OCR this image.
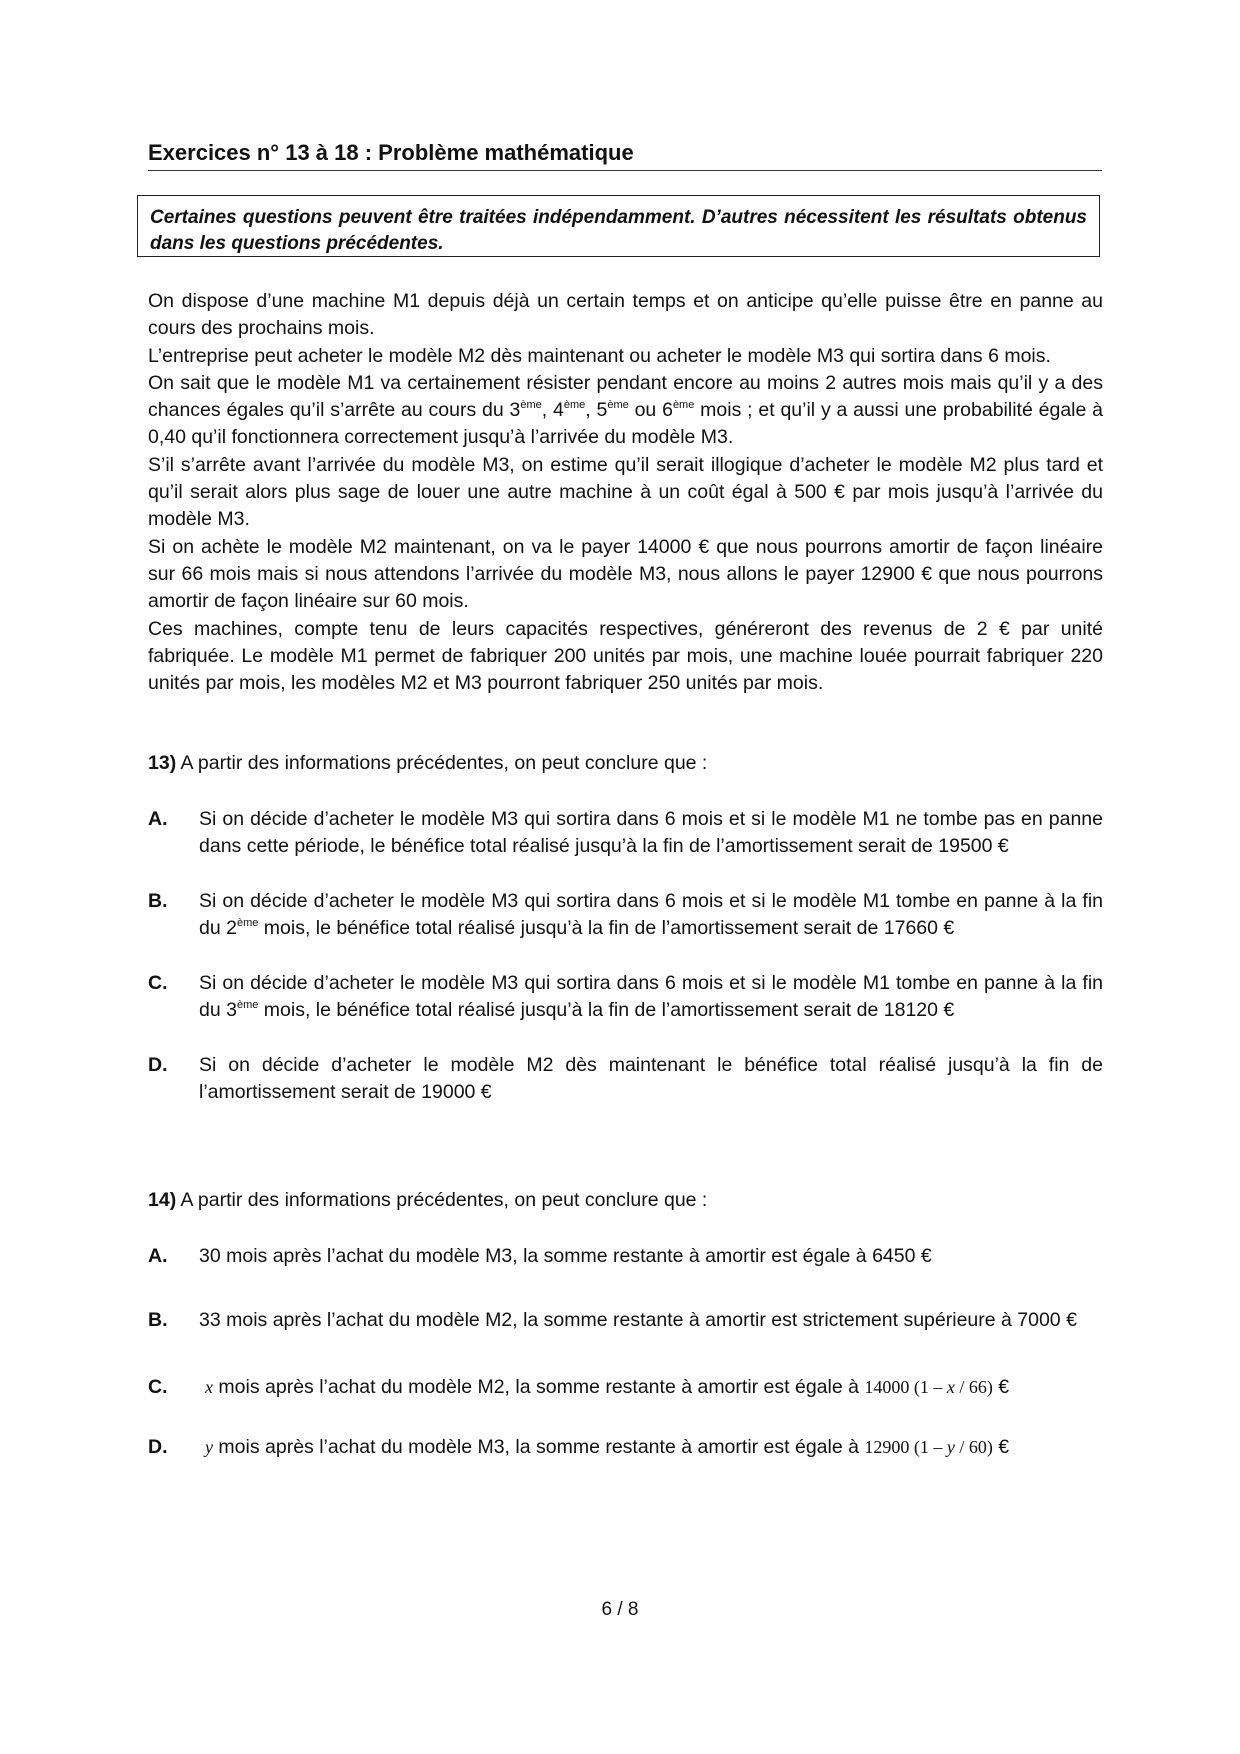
Exercices n° 13 à 18 : Problème mathématique
Certaines questions peuvent être traitées indépendamment. D’autres nécessitent les résultats obtenus dans les questions précédentes.

On dispose d’une machine M1 depuis déjà un certain temps et on anticipe qu’elle puisse être en panne au cours des prochains mois.

L’entreprise peut acheter le modèle M2 dès maintenant ou acheter le modèle M3 qui sortira dans 6 mois.

On sait que le modèle M1 va certainement résister pendant encore au moins 2 autres mois mais qu’il y a des chances égales qu’il s’arrête au cours du 3ème, 4ème, 5ème ou 6ème mois ; et qu’il y a aussi une probabilité égale à 0,40 qu’il fonctionnera correctement jusqu’à l’arrivée du modèle M3.

S’il s’arrête avant l’arrivée du modèle M3, on estime qu’il serait illogique d’acheter le modèle M2 plus tard et qu’il serait alors plus sage de louer une autre machine à un coût égal à 500 € par mois jusqu’à l’arrivée du modèle M3.

Si on achète le modèle M2 maintenant, on va le payer 14000 € que nous pourrons amortir de façon linéaire sur 66 mois mais si nous attendons l’arrivée du modèle M3, nous allons le payer 12900 € que nous pourrons amortir de façon linéaire sur 60 mois.

Ces machines, compte tenu de leurs capacités respectives, généreront des revenus de 2 € par unité fabriquée. Le modèle M1 permet de fabriquer 200 unités par mois, une machine louée pourrait fabriquer 220 unités par mois, les modèles M2 et M3 pourront fabriquer 250 unités par mois.

13) A partir des informations précédentes, on peut conclure que :
A. Si on décide d’acheter le modèle M3 qui sortira dans 6 mois et si le modèle M1 ne tombe pas en panne dans cette période, le bénéfice total réalisé jusqu’à la fin de l’amortissement serait de 19500 €
B. Si on décide d’acheter le modèle M3 qui sortira dans 6 mois et si le modèle M1 tombe en panne à la fin du 2ème mois, le bénéfice total réalisé jusqu’à la fin de l’amortissement serait de 17660 €
C. Si on décide d’acheter le modèle M3 qui sortira dans 6 mois et si le modèle M1 tombe en panne à la fin du 3ème mois, le bénéfice total réalisé jusqu’à la fin de l’amortissement serait de 18120 €
D. Si on décide d’acheter le modèle M2 dès maintenant le bénéfice total réalisé jusqu’à la fin de l’amortissement serait de 19000 €
14) A partir des informations précédentes, on peut conclure que :
A. 30 mois après l’achat du modèle M3, la somme restante à amortir est égale à 6450 €
B. 33 mois après l’achat du modèle M2, la somme restante à amortir est strictement supérieure à 7000 €
C.	x mois après l’achat du modèle M2, la somme restante à amortir est égale à 14000 (1 – x / 66) €
D.	y mois après l’achat du modèle M3, la somme restante à amortir est égale à 12900 (1 – y / 60) €
6 / 8
